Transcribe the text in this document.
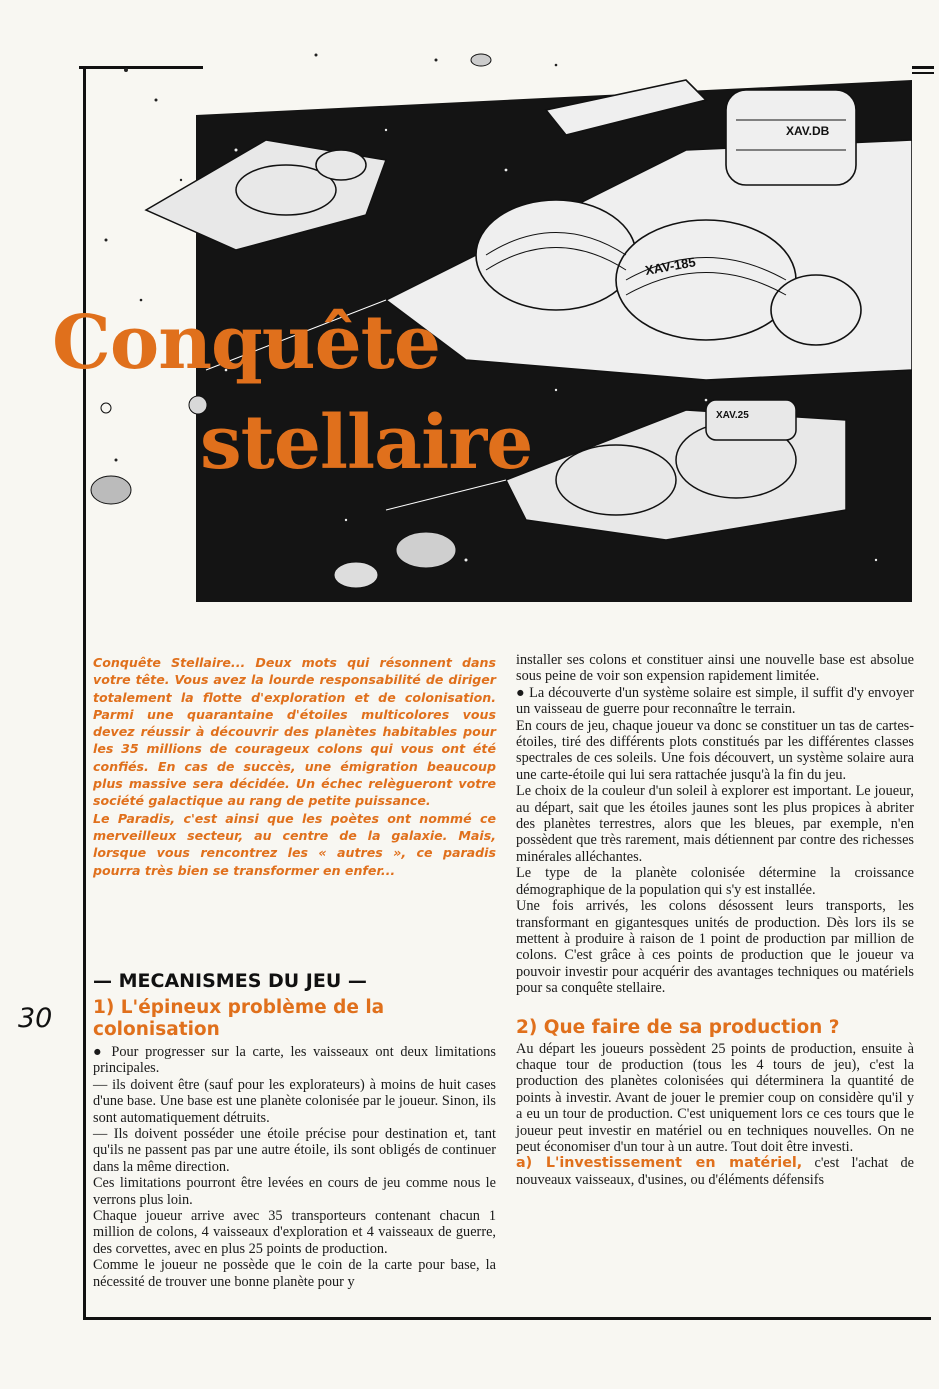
XAV-185
XAV.DB
XAV.25
Conquête
stellaire

Conquête Stellaire... Deux mots qui résonnent dans votre tête. Vous avez la lourde responsabilité de diriger totalement la flotte d'exploration et de colonisation. Parmi une quarantaine d'étoiles multicolores vous devez réussir à découvrir des planètes habitables pour les 35 millions de courageux colons qui vous ont été confiés. En cas de succès, une émigration beaucoup plus massive sera décidée. Un échec relègueront votre société galactique au rang de petite puissance.

Le Paradis, c'est ainsi que les poètes ont nommé ce merveilleux secteur, au centre de la galaxie. Mais, lorsque vous rencontrez les « autres », ce paradis pourra très bien se transformer en enfer...

— MECANISMES DU JEU —
1) L'épineux problème de la colonisation
30

● Pour progresser sur la carte, les vaisseaux ont deux limitations principales.

— ils doivent être (sauf pour les explorateurs) à moins de huit cases d'une base. Une base est une planète colonisée par le joueur. Sinon, ils sont automatiquement détruits.

— Ils doivent posséder une étoile précise pour destination et, tant qu'ils ne passent pas par une autre étoile, ils sont obligés de continuer dans la même direction.

Ces limitations pourront être levées en cours de jeu comme nous le verrons plus loin.

Chaque joueur arrive avec 35 transporteurs contenant chacun 1 million de colons, 4 vaisseaux d'exploration et 4 vaisseaux de guerre, des corvettes, avec en plus 25 points de production.

Comme le joueur ne possède que le coin de la carte pour base, la nécessité de trouver une bonne planète pour y

installer ses colons et constituer ainsi une nouvelle base est absolue sous peine de voir son expension rapidement limitée.

● La découverte d'un système solaire est simple, il suffit d'y envoyer un vaisseau de guerre pour reconnaître le terrain.

En cours de jeu, chaque joueur va donc se constituer un tas de cartes-étoiles, tiré des différents plots constitués par les différentes classes spectrales de ces soleils. Une fois découvert, un système solaire aura une carte-étoile qui lui sera rattachée jusqu'à la fin du jeu.

Le choix de la couleur d'un soleil à explorer est important. Le joueur, au départ, sait que les étoiles jaunes sont les plus propices à abriter des planètes terrestres, alors que les bleues, par exemple, n'en possèdent que très rarement, mais détiennent par contre des richesses minérales alléchantes.

Le type de la planète colonisée détermine la croissance démographique de la population qui s'y est installée.

Une fois arrivés, les colons désossent leurs transports, les transformant en gigantesques unités de production. Dès lors ils se mettent à produire à raison de 1 point de production par million de colons. C'est grâce à ces points de production que le joueur va pouvoir investir pour acquérir des avantages techniques ou matériels pour sa conquête stellaire.

2) Que faire de sa production ?

Au départ les joueurs possèdent 25 points de production, ensuite à chaque tour de production (tous les 4 tours de jeu), c'est la production des planètes colonisées qui déterminera la quantité de points à investir. Avant de jouer le premier coup on considère qu'il y a eu un tour de production. C'est uniquement lors ce ces tours que le joueur peut investir en matériel ou en techniques nouvelles. On ne peut économiser d'un tour à un autre. Tout doit être investi.

a) L'investissement en matériel, c'est l'achat de nouveaux vaisseaux, d'usines, ou d'éléments défensifs
